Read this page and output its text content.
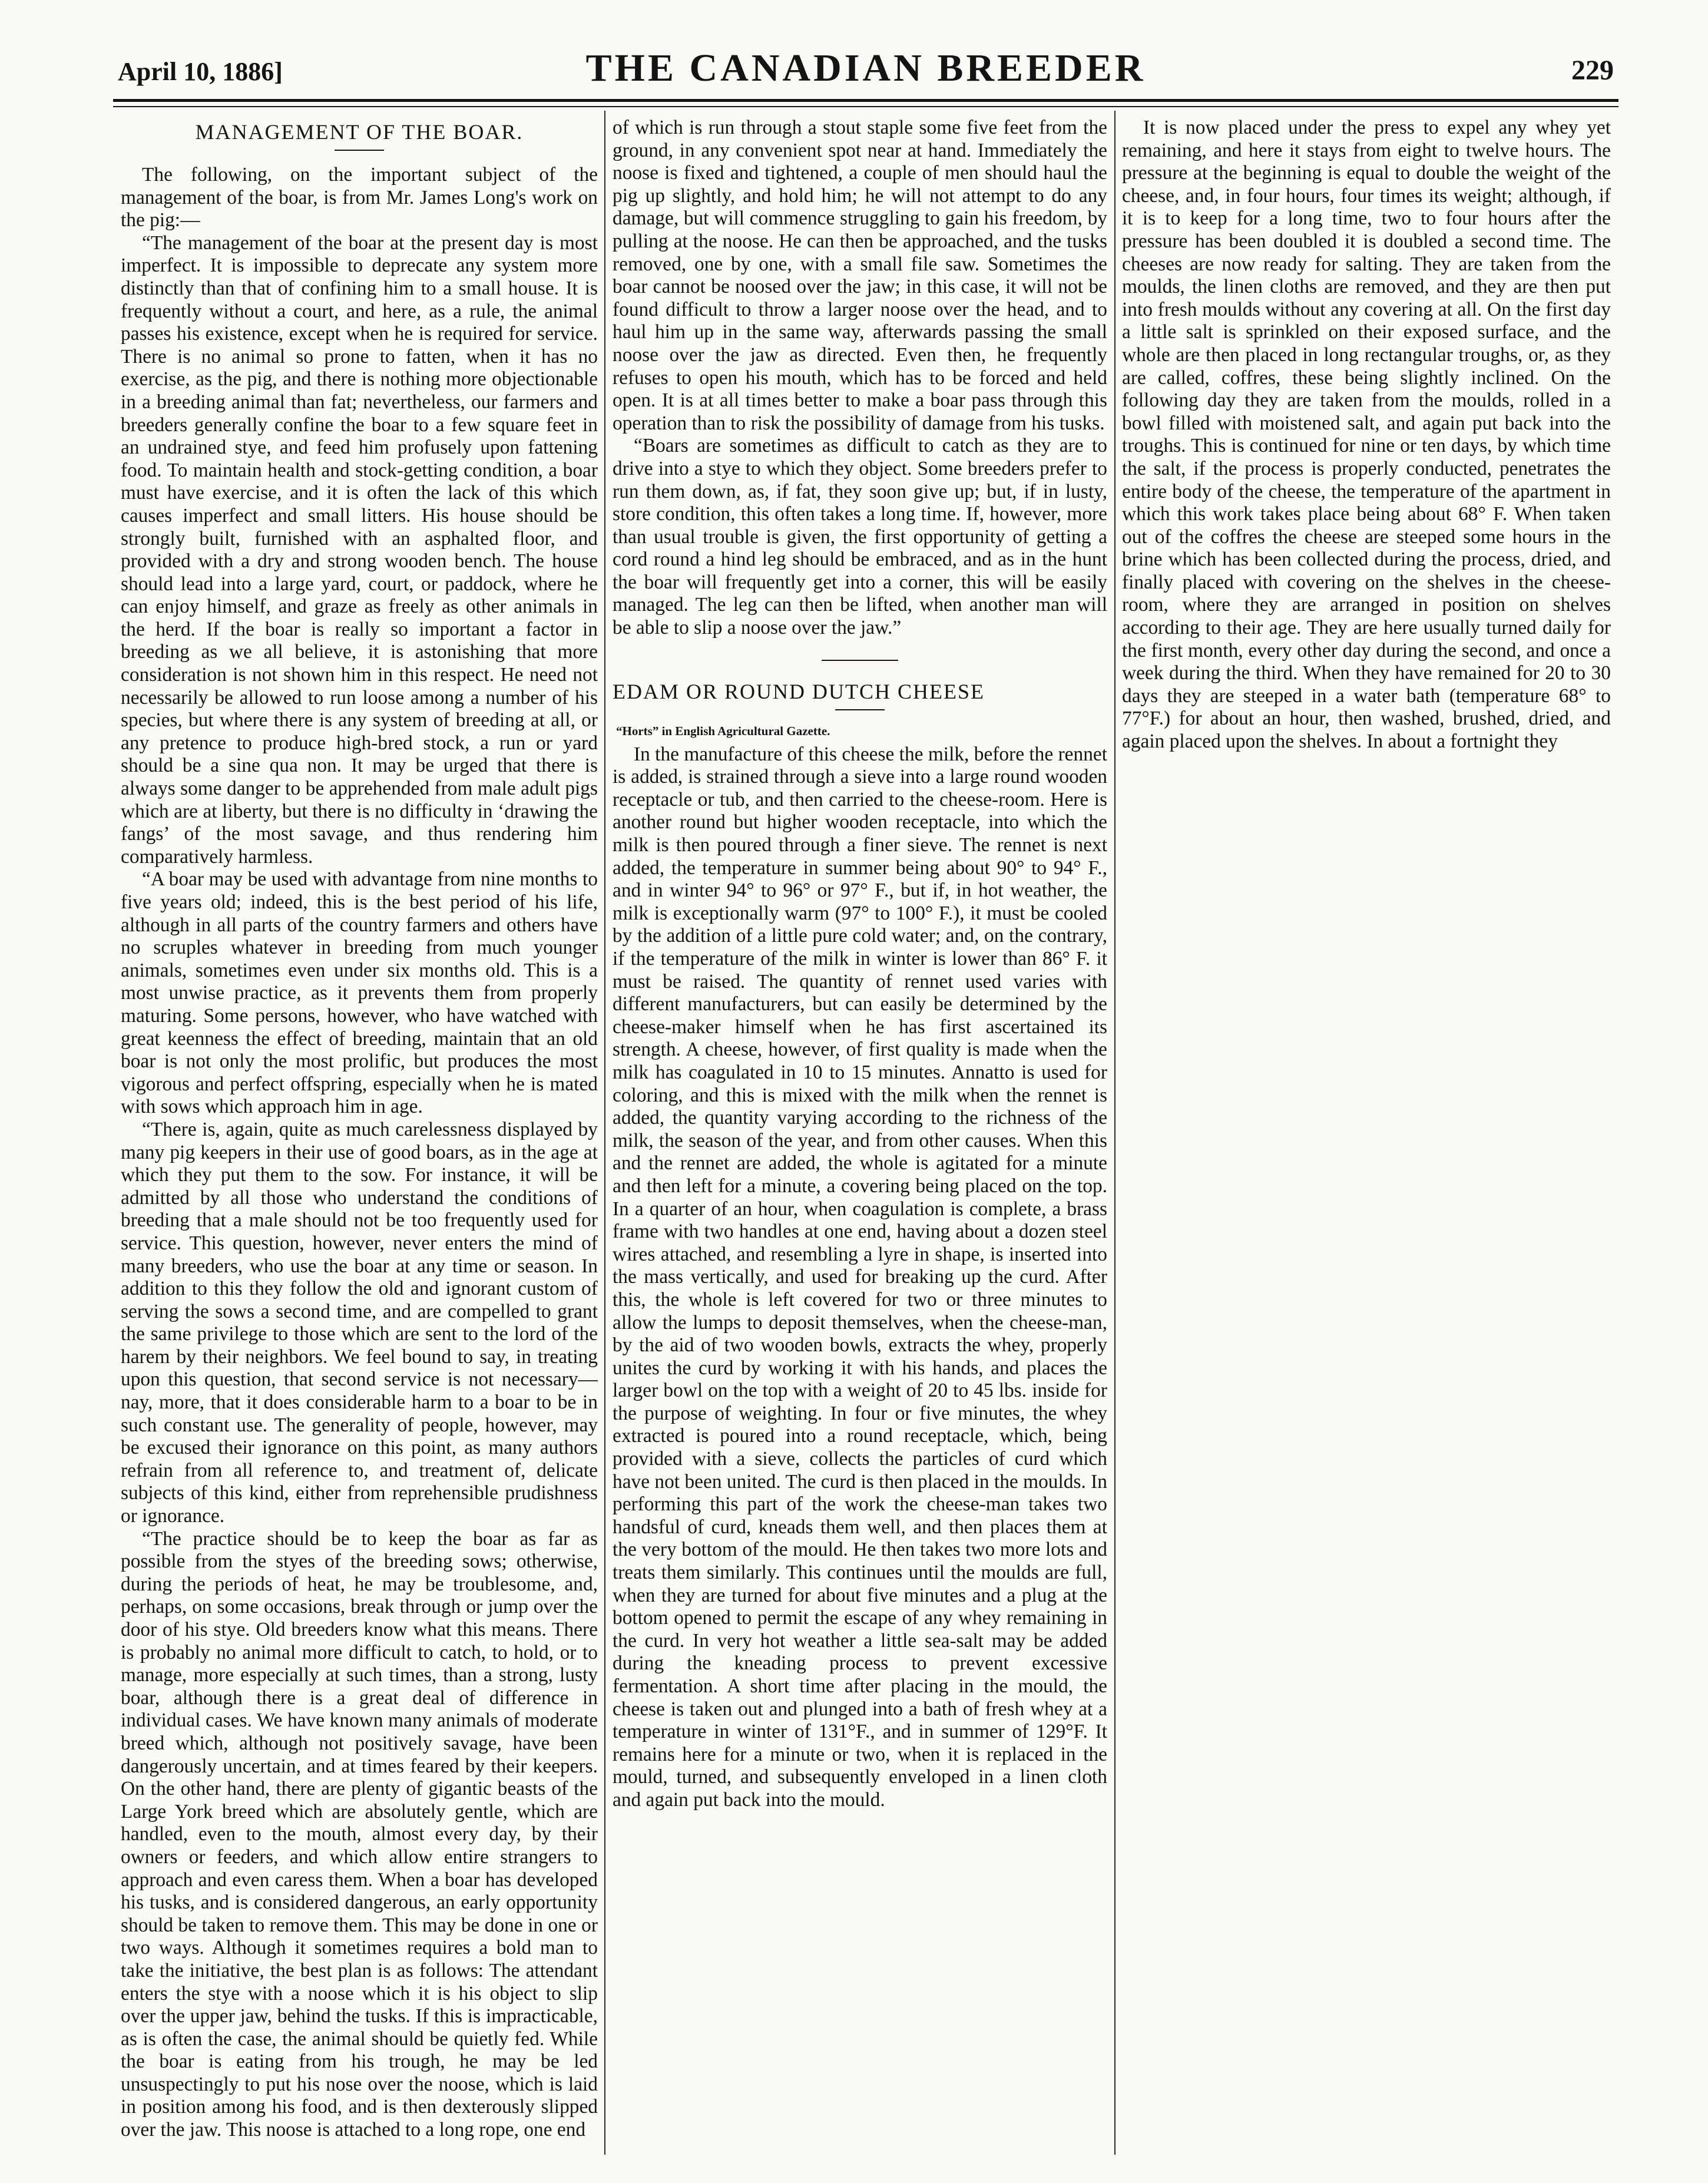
April 10, 1886]	THE CANADIAN BREEDER	229
MANAGEMENT OF THE BOAR.

The following, on the important subject of the management of the boar, is from Mr. James Long's work on the pig:—

“The management of the boar at the present day is most imperfect. It is impossible to deprecate any system more distinctly than that of confining him to a small house. It is frequently without a court, and here, as a rule, the animal passes his existence, except when he is required for service. There is no animal so prone to fatten, when it has no exercise, as the pig, and there is nothing more objectionable in a breeding animal than fat; nevertheless, our farmers and breeders generally confine the boar to a few square feet in an undrained stye, and feed him profusely upon fattening food. To maintain health and stock-getting condition, a boar must have exercise, and it is often the lack of this which causes imperfect and small litters. His house should be strongly built, furnished with an asphalted floor, and provided with a dry and strong wooden bench. The house should lead into a large yard, court, or paddock, where he can enjoy himself, and graze as freely as other animals in the herd. If the boar is really so important a factor in breeding as we all believe, it is astonishing that more consideration is not shown him in this respect. He need not necessarily be allowed to run loose among a number of his species, but where there is any system of breeding at all, or any pretence to produce high-bred stock, a run or yard should be a sine qua non. It may be urged that there is always some danger to be apprehended from male adult pigs which are at liberty, but there is no difficulty in ‘drawing the fangs’ of the most savage, and thus rendering him comparatively harmless.

“A boar may be used with advantage from nine months to five years old; indeed, this is the best period of his life, although in all parts of the country farmers and others have no scruples whatever in breeding from much younger animals, sometimes even under six months old. This is a most unwise practice, as it prevents them from properly maturing. Some persons, however, who have watched with great keenness the effect of breeding, maintain that an old boar is not only the most prolific, but produces the most vigorous and perfect offspring, especially when he is mated with sows which approach him in age.

“There is, again, quite as much carelessness displayed by many pig keepers in their use of good boars, as in the age at which they put them to the sow. For instance, it will be admitted by all those who understand the conditions of breeding that a male should not be too frequently used for service. This question, however, never enters the mind of many breeders, who use the boar at any time or season. In addition to this they follow the old and ignorant custom of serving the sows a second time, and are compelled to grant the same privilege to those which are sent to the lord of the harem by their neighbors. We feel bound to say, in treating upon this question, that second service is not necessary—nay, more, that it does considerable harm to a boar to be in such constant use. The generality of people, however, may be excused their ignorance on this point, as many authors refrain from all reference to, and treatment of, delicate subjects of this kind, either from reprehensible prudishness or ignorance.

“The practice should be to keep the boar as far as possible from the styes of the breeding sows; otherwise, during the periods of heat, he may be troublesome, and, perhaps, on some occasions, break through or jump over the door of his stye. Old breeders know what this means. There is probably no animal more difficult to catch, to hold, or to manage, more especially at such times, than a strong, lusty boar, although there is a great deal of difference in individual cases. We have known many animals of moderate breed which, although not positively savage, have been dangerously uncertain, and at times feared by their keepers. On the other hand, there are plenty of gigantic beasts of the Large York breed which are absolutely gentle, which are handled, even to the mouth, almost every day, by their owners or feeders, and which allow entire strangers to approach and even caress them. When a boar has developed his tusks, and is considered dangerous, an early opportunity should be taken to remove them. This may be done in one or two ways. Although it sometimes requires a bold man to take the initiative, the best plan is as follows: The attendant enters the stye with a noose which it is his object to slip over the upper jaw, behind the tusks. If this is impracticable, as is often the case, the animal should be quietly fed. While the boar is eating from his trough, he may be led unsuspectingly to put his nose over the noose, which is laid in position among his food, and is then dexterously slipped over the jaw. This noose is attached to a long rope, one end

of which is run through a stout staple some five feet from the ground, in any convenient spot near at hand. Immediately the noose is fixed and tightened, a couple of men should haul the pig up slightly, and hold him; he will not attempt to do any damage, but will commence struggling to gain his freedom, by pulling at the noose. He can then be approached, and the tusks removed, one by one, with a small file saw. Sometimes the boar cannot be noosed over the jaw; in this case, it will not be found difficult to throw a larger noose over the head, and to haul him up in the same way, afterwards passing the small noose over the jaw as directed. Even then, he frequently refuses to open his mouth, which has to be forced and held open. It is at all times better to make a boar pass through this operation than to risk the possibility of damage from his tusks.

“Boars are sometimes as difficult to catch as they are to drive into a stye to which they object. Some breeders prefer to run them down, as, if fat, they soon give up; but, if in lusty, store condition, this often takes a long time. If, however, more than usual trouble is given, the first opportunity of getting a cord round a hind leg should be embraced, and as in the hunt the boar will frequently get into a corner, this will be easily managed. The leg can then be lifted, when another man will be able to slip a noose over the jaw.”

EDAM OR ROUND DUTCH CHEESE
“Horts” in English Agricultural Gazette.

In the manufacture of this cheese the milk, before the rennet is added, is strained through a sieve into a large round wooden receptacle or tub, and then carried to the cheese-room. Here is another round but higher wooden receptacle, into which the milk is then poured through a finer sieve. The rennet is next added, the temperature in summer being about 90° to 94° F., and in winter 94° to 96° or 97° F., but if, in hot weather, the milk is exceptionally warm (97° to 100° F.), it must be cooled by the addition of a little pure cold water; and, on the contrary, if the temperature of the milk in winter is lower than 86° F. it must be raised. The quantity of rennet used varies with different manufacturers, but can easily be determined by the cheese-maker himself when he has first ascertained its strength. A cheese, however, of first quality is made when the milk has coagulated in 10 to 15 minutes. Annatto is used for coloring, and this is mixed with the milk when the rennet is added, the quantity varying according to the richness of the milk, the season of the year, and from other causes. When this and the rennet are added, the whole is agitated for a minute and then left for a minute, a covering being placed on the top. In a quarter of an hour, when coagulation is complete, a brass frame with two handles at one end, having about a dozen steel wires attached, and resembling a lyre in shape, is inserted into the mass vertically, and used for breaking up the curd. After this, the whole is left covered for two or three minutes to allow the lumps to deposit themselves, when the cheese-man, by the aid of two wooden bowls, extracts the whey, properly unites the curd by working it with his hands, and places the larger bowl on the top with a weight of 20 to 45 lbs. inside for the purpose of weighting. In four or five minutes, the whey extracted is poured into a round receptacle, which, being provided with a sieve, collects the particles of curd which have not been united. The curd is then placed in the moulds. In performing this part of the work the cheese-man takes two handsful of curd, kneads them well, and then places them at the very bottom of the mould. He then takes two more lots and treats them similarly. This continues until the moulds are full, when they are turned for about five minutes and a plug at the bottom opened to permit the escape of any whey remaining in the curd. In very hot weather a little sea-salt may be added during the kneading process to prevent excessive fermentation. A short time after placing in the mould, the cheese is taken out and plunged into a bath of fresh whey at a temperature in winter of 131°F., and in summer of 129°F. It remains here for a minute or two, when it is replaced in the mould, turned, and subsequently enveloped in a linen cloth and again put back into the mould.

It is now placed under the press to expel any whey yet remaining, and here it stays from eight to twelve hours. The pressure at the beginning is equal to double the weight of the cheese, and, in four hours, four times its weight; although, if it is to keep for a long time, two to four hours after the pressure has been doubled it is doubled a second time. The cheeses are now ready for salting. They are taken from the moulds, the linen cloths are removed, and they are then put into fresh moulds without any covering at all. On the first day a little salt is sprinkled on their exposed surface, and the whole are then placed in long rectangular troughs, or, as they are called, coffres, these being slightly inclined. On the following day they are taken from the moulds, rolled in a bowl filled with moistened salt, and again put back into the troughs. This is continued for nine or ten days, by which time the salt, if the process is properly conducted, penetrates the entire body of the cheese, the temperature of the apartment in which this work takes place being about 68° F. When taken out of the coffres the cheese are steeped some hours in the brine which has been collected during the process, dried, and finally placed with covering on the shelves in the cheese-room, where they are arranged in position on shelves according to their age. They are here usually turned daily for the first month, every other day during the second, and once a week during the third. When they have remained for 20 to 30 days they are steeped in a water bath (temperature 68° to 77°F.) for about an hour, then washed, brushed, dried, and again placed upon the shelves. In about a fortnight they
